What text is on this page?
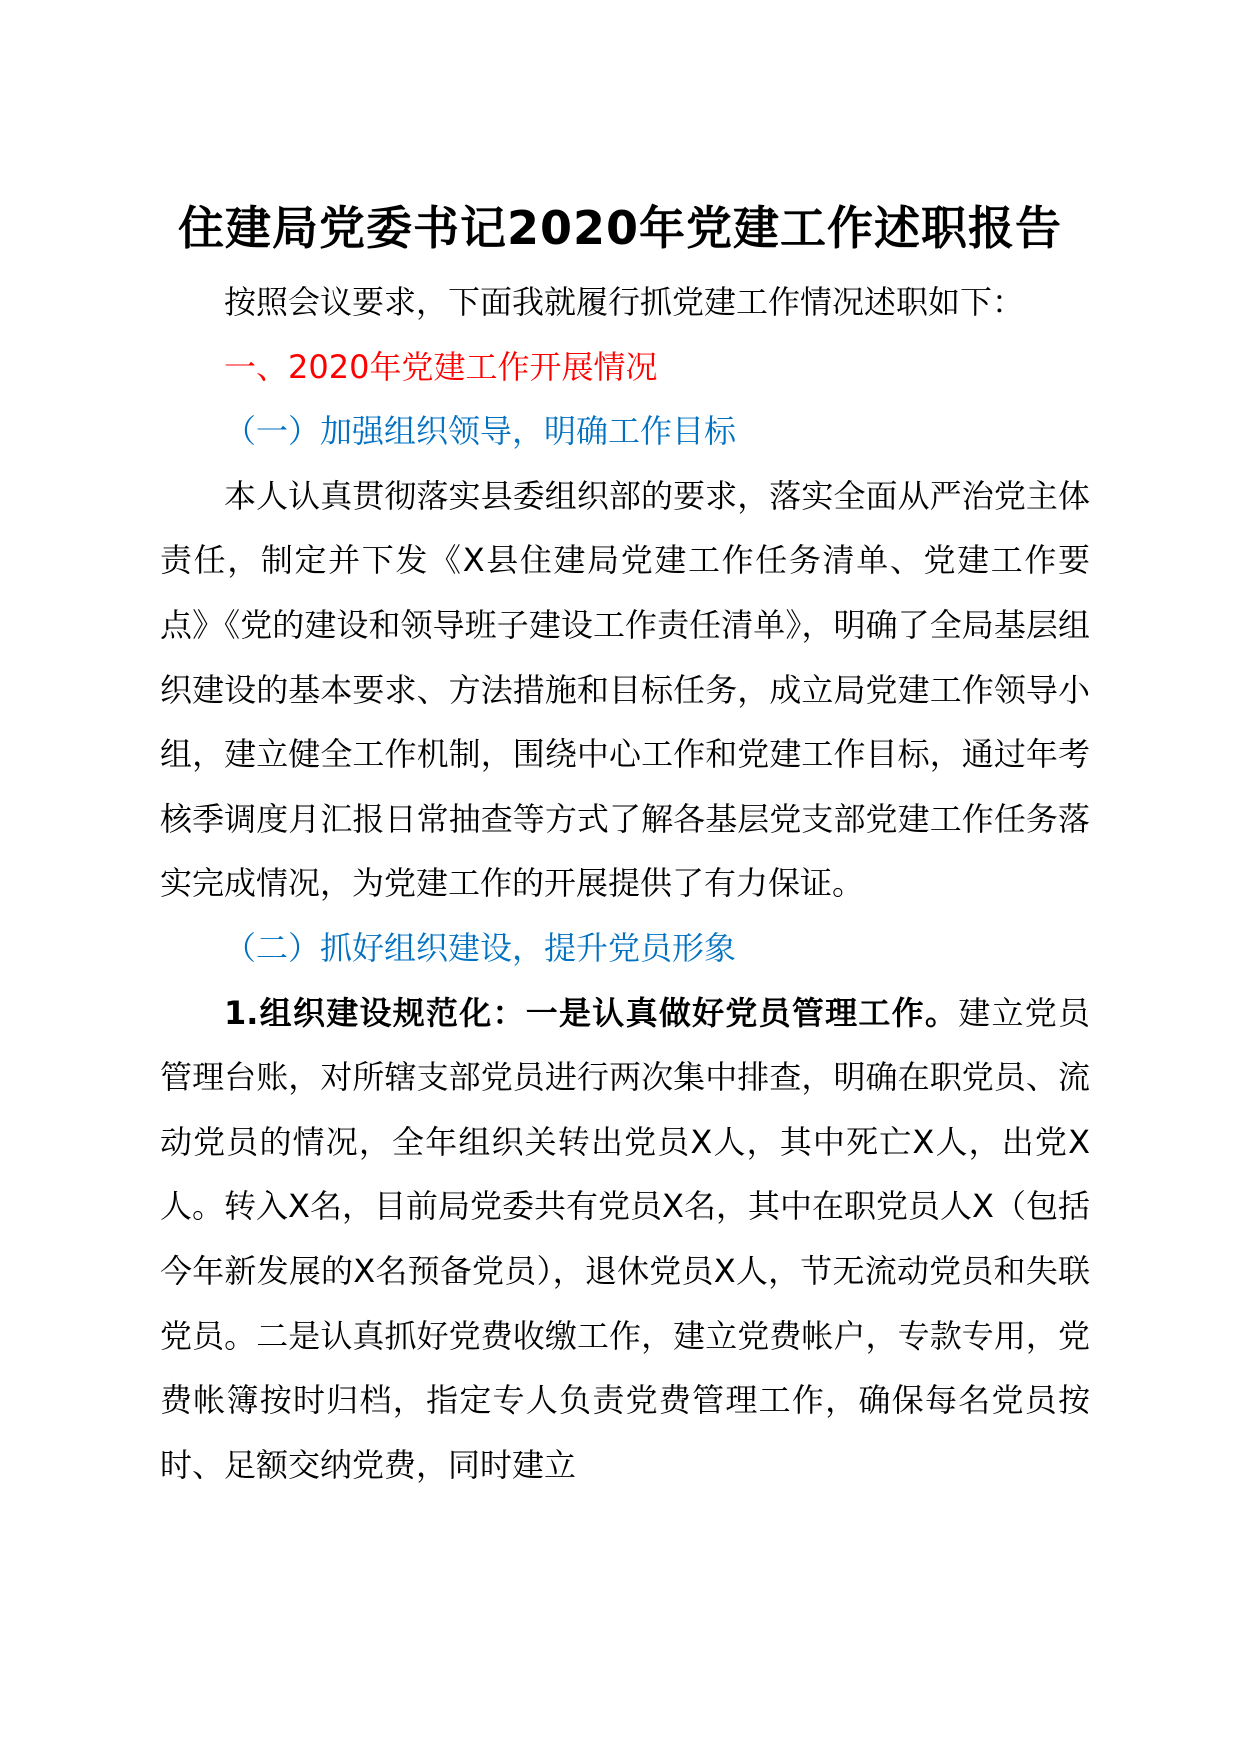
住建局党委书记2020年党建工作述职报告

按照会议要求，下面我就履行抓党建工作情况述职如下：

一、2020年党建工作开展情况

（一）加强组织领导，明确工作目标

本人认真贯彻落实县委组织部的要求，落实全面从严治党主体责任，制定并下发《X县住建局党建工作任务清单、党建工作要点》《党的建设和领导班子建设工作责任清单》，明确了全局基层组织建设的基本要求、方法措施和目标任务，成立局党建工作领导小组，建立健全工作机制，围绕中心工作和党建工作目标，通过年考核季调度月汇报日常抽查等方式了解各基层党支部党建工作任务落实完成情况，为党建工作的开展提供了有力保证。

（二）抓好组织建设，提升党员形象

1.组织建设规范化：一是认真做好党员管理工作。建立党员管理台账，对所辖支部党员进行两次集中排查，明确在职党员、流动党员的情况，全年组织关转出党员X人，其中死亡X人，出党X人。转入X名，目前局党委共有党员X名，其中在职党员人X（包括今年新发展的X名预备党员），退休党员X人，节无流动党员和失联党员。二是认真抓好党费收缴工作，建立党费帐户，专款专用，党费帐簿按时归档，指定专人负责党费管理工作，确保每名党员按时、足额交纳党费，同时建立
